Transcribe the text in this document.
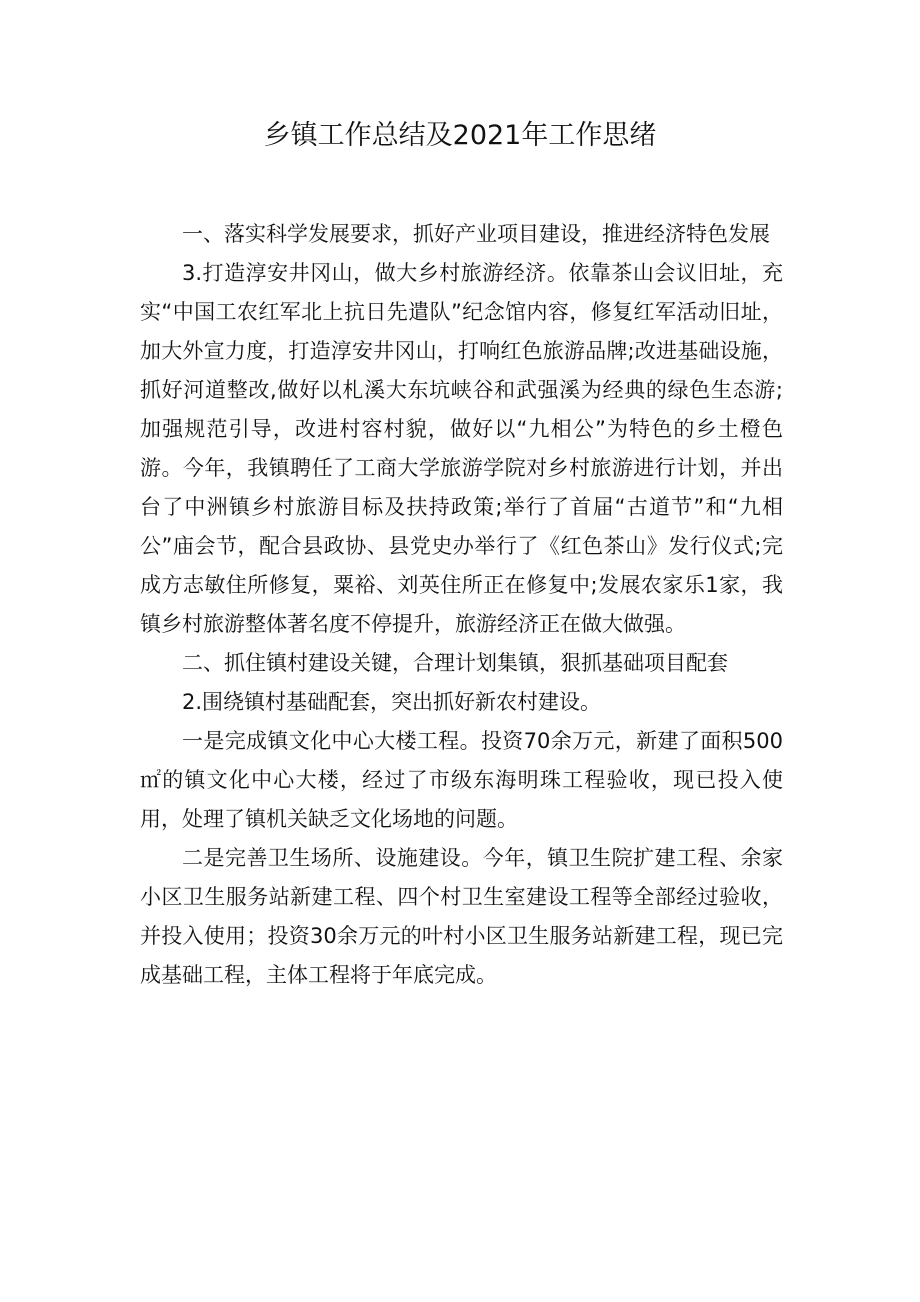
乡镇工作总结及2021年工作思绪

一、落实科学发展要求，抓好产业项目建设，推进经济特色发展

3.打造淳安井冈山，做大乡村旅游经济。依靠茶山会议旧址，充实“中国工农红军北上抗日先遣队”纪念馆内容，修复红军活动旧址，加大外宣力度，打造淳安井冈山，打响红色旅游品牌;改进基础设施，抓好河道整改,做好以札溪大东坑峡谷和武强溪为经典的绿色生态游;加强规范引导，改进村容村貌，做好以“九相公”为特色的乡土橙色游。今年，我镇聘任了工商大学旅游学院对乡村旅游进行计划，并出台了中洲镇乡村旅游目标及扶持政策;举行了首届“古道节”和“九相公”庙会节，配合县政协、县党史办举行了《红色茶山》发行仪式;完成方志敏住所修复，粟裕、刘英住所正在修复中;发展农家乐1家，我镇乡村旅游整体著名度不停提升，旅游经济正在做大做强。

二、抓住镇村建设关键，合理计划集镇，狠抓基础项目配套

2.围绕镇村基础配套，突出抓好新农村建设。

一是完成镇文化中心大楼工程。投资70余万元，新建了面积500㎡的镇文化中心大楼，经过了市级东海明珠工程验收，现已投入使用，处理了镇机关缺乏文化场地的问题。

二是完善卫生场所、设施建设。今年，镇卫生院扩建工程、余家小区卫生服务站新建工程、四个村卫生室建设工程等全部经过验收，并投入使用；投资30余万元的叶村小区卫生服务站新建工程，现已完成基础工程，主体工程将于年底完成。
